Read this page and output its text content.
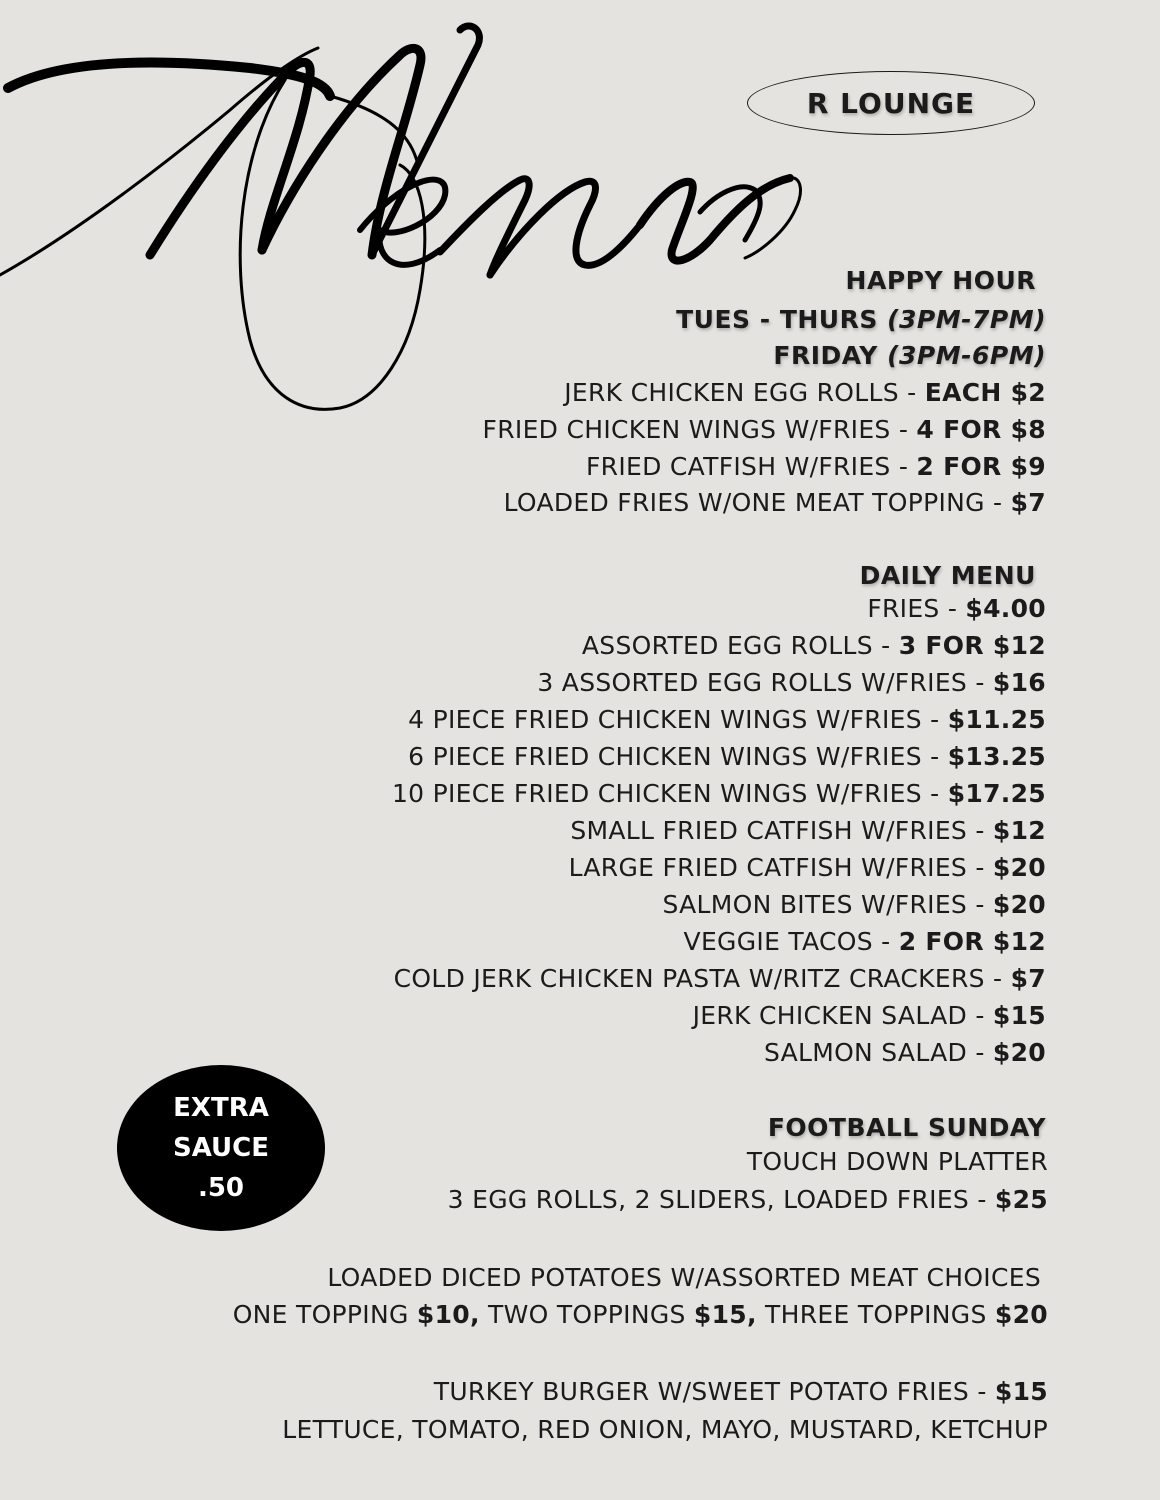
R LOUNGE
HAPPY HOUR
TUES - THURS (3PM-7PM)
FRIDAY (3PM-6PM)
JERK CHICKEN EGG ROLLS - EACH $2
FRIED CHICKEN WINGS W/FRIES - 4 FOR $8
FRIED CATFISH W/FRIES - 2 FOR $9
LOADED FRIES W/ONE MEAT TOPPING - $7
DAILY MENU
FRIES - $4.00
ASSORTED EGG ROLLS - 3 FOR $12
3 ASSORTED EGG ROLLS W/FRIES - $16
4 PIECE FRIED CHICKEN WINGS W/FRIES - $11.25
6 PIECE FRIED CHICKEN WINGS W/FRIES - $13.25
10 PIECE FRIED CHICKEN WINGS W/FRIES - $17.25
SMALL FRIED CATFISH W/FRIES - $12
LARGE FRIED CATFISH W/FRIES - $20
SALMON BITES W/FRIES - $20
VEGGIE TACOS - 2 FOR $12
COLD JERK CHICKEN PASTA W/RITZ CRACKERS - $7
JERK CHICKEN SALAD - $15
SALMON SALAD - $20
FOOTBALL SUNDAY
TOUCH DOWN PLATTER
3 EGG ROLLS, 2 SLIDERS, LOADED FRIES - $25
LOADED DICED POTATOES W/ASSORTED MEAT CHOICES
ONE TOPPING $10, TWO TOPPINGS $15, THREE TOPPINGS $20
TURKEY BURGER W/SWEET POTATO FRIES - $15
LETTUCE, TOMATO, RED ONION, MAYO, MUSTARD, KETCHUP
EXTRA
SAUCE
.50
